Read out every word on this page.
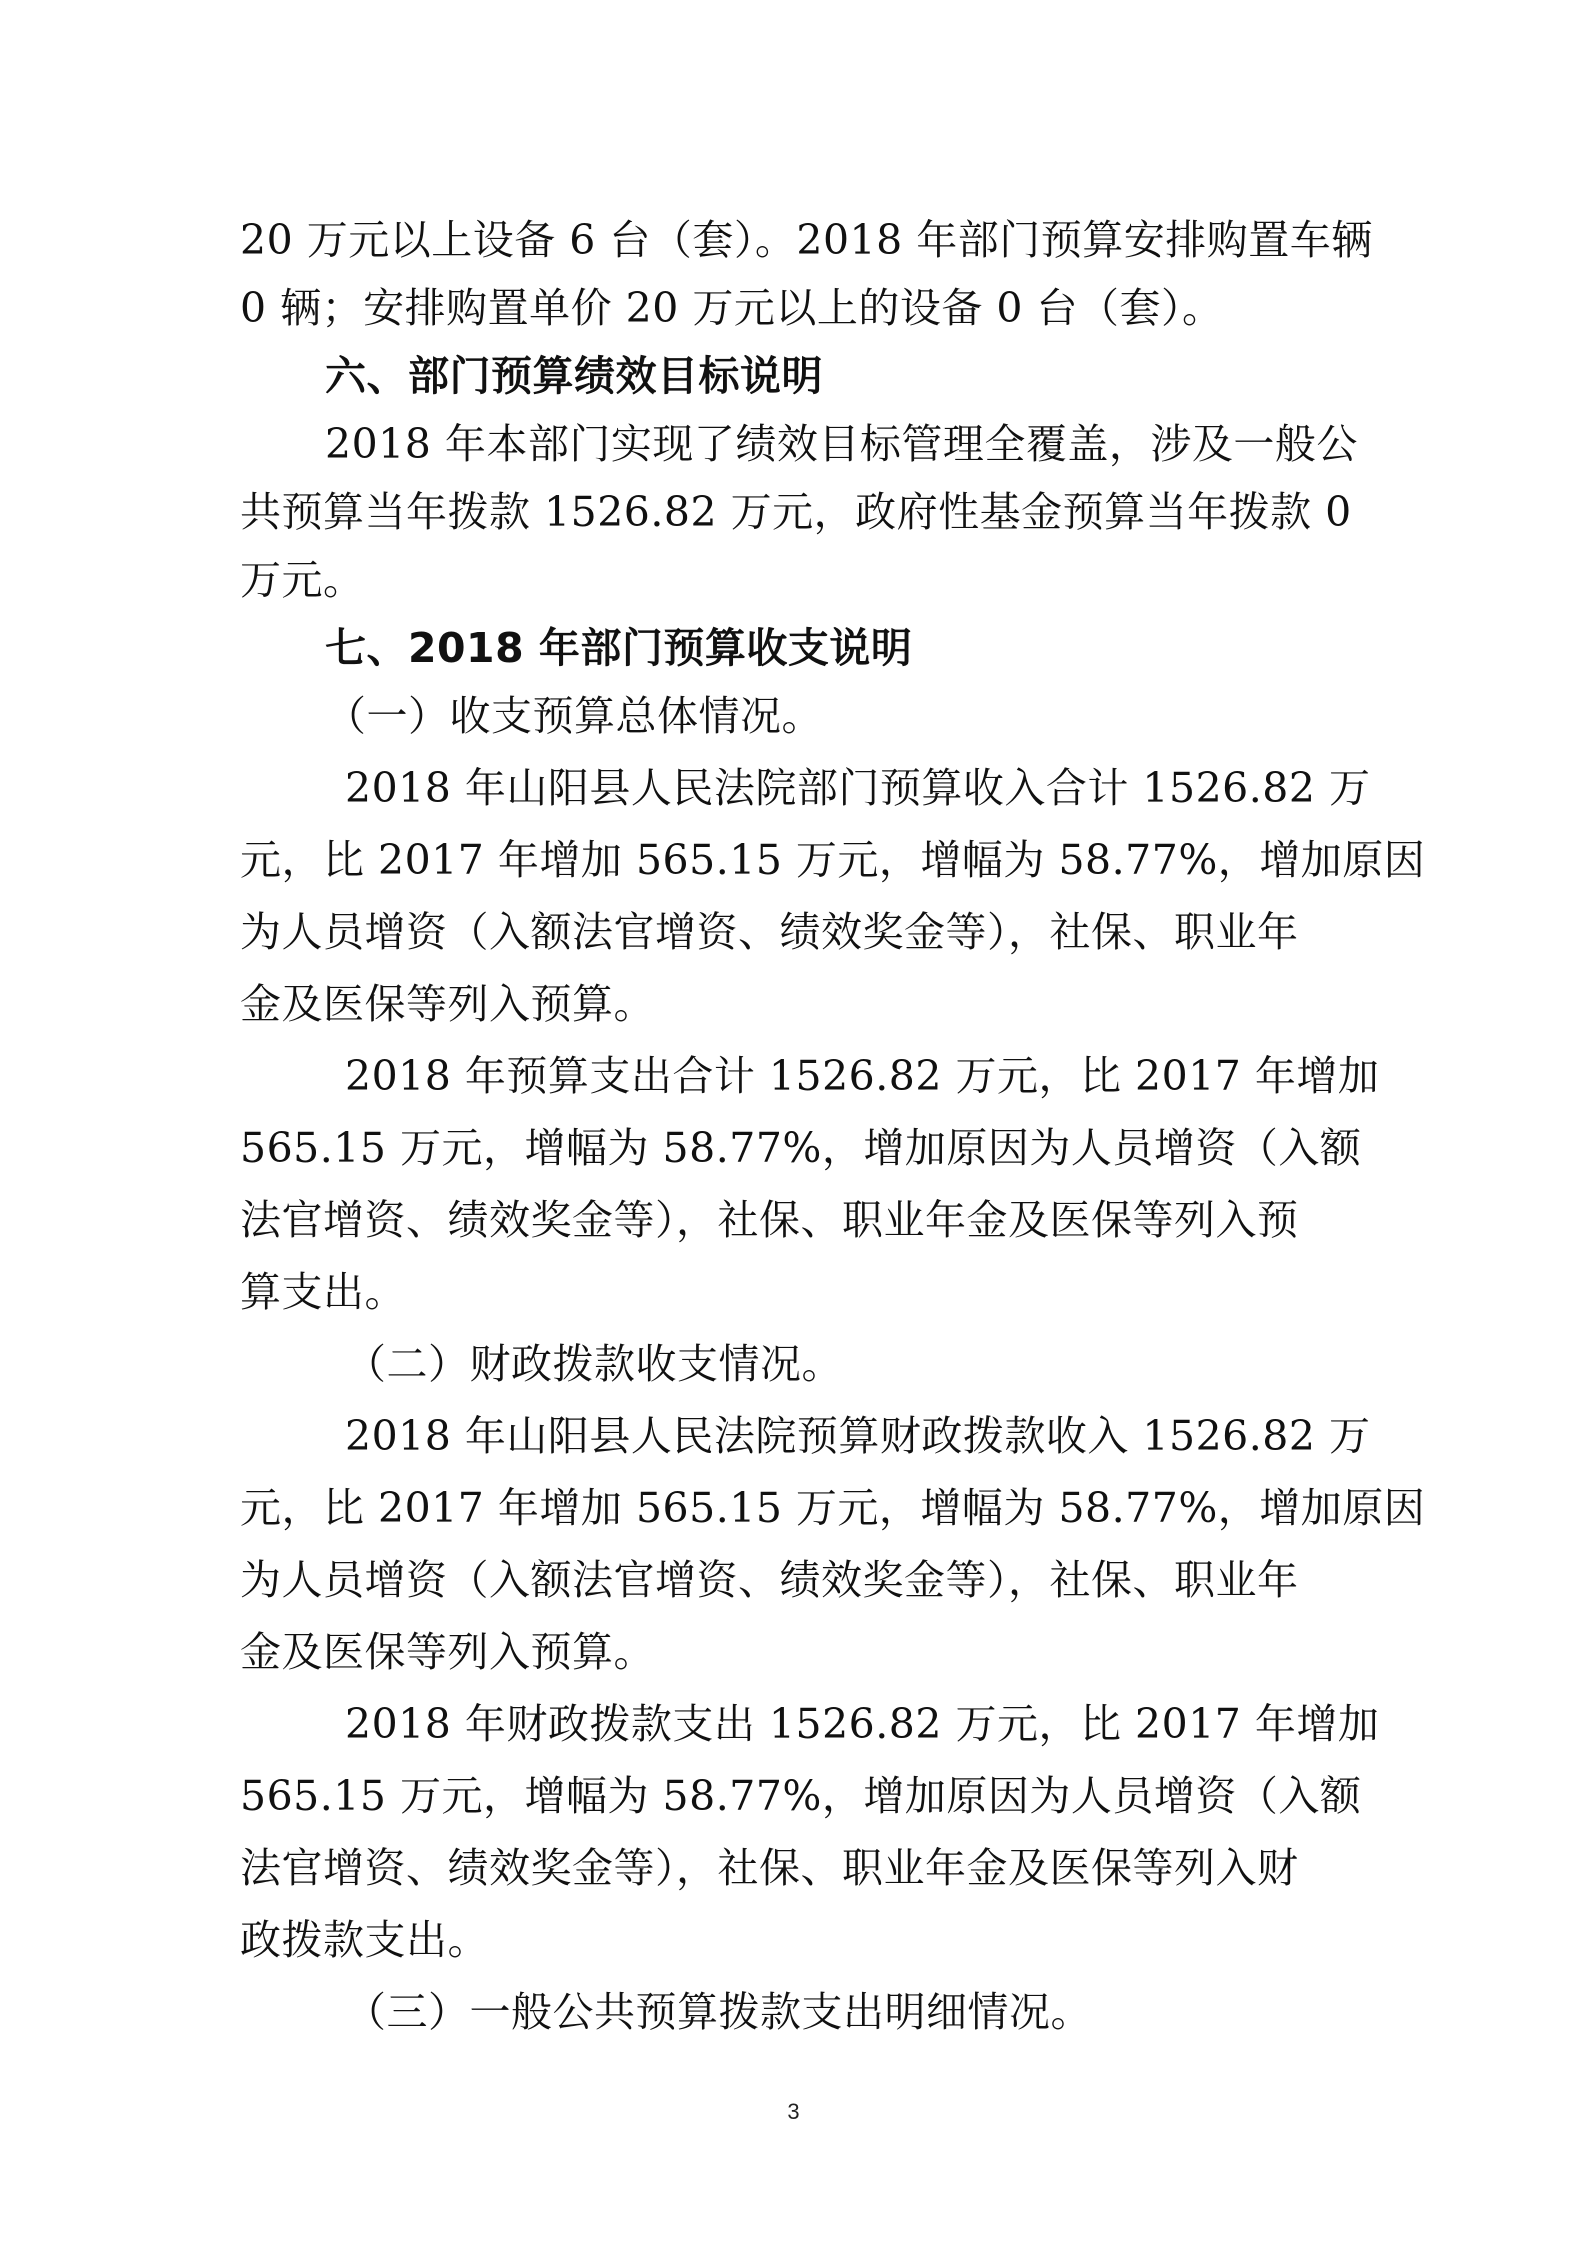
20 万元以上设备 6 台（套）。2018 年部门预算安排购置车辆
0 辆；安排购置单价 20 万元以上的设备 0 台（套）。
六、部门预算绩效目标说明
2018 年本部门实现了绩效目标管理全覆盖，涉及一般公
共预算当年拨款 1526.82 万元，政府性基金预算当年拨款 0
万元。
七、2018 年部门预算收支说明
（一）收支预算总体情况。
2018 年山阳县人民法院部门预算收入合计 1526.82 万
元，比 2017 年增加 565.15 万元，增幅为 58.77%，增加原因
为人员增资（入额法官增资、绩效奖金等），社保、职业年
金及医保等列入预算。
2018 年预算支出合计 1526.82 万元，比 2017 年增加
565.15 万元，增幅为 58.77%，增加原因为人员增资（入额
法官增资、绩效奖金等），社保、职业年金及医保等列入预
算支出。
（二）财政拨款收支情况。
2018 年山阳县人民法院预算财政拨款收入 1526.82 万
元，比 2017 年增加 565.15 万元，增幅为 58.77%，增加原因
为人员增资（入额法官增资、绩效奖金等），社保、职业年
金及医保等列入预算。
2018 年财政拨款支出 1526.82 万元，比 2017 年增加
565.15 万元，增幅为 58.77%，增加原因为人员增资（入额
法官增资、绩效奖金等），社保、职业年金及医保等列入财
政拨款支出。
（三）一般公共预算拨款支出明细情况。
3
